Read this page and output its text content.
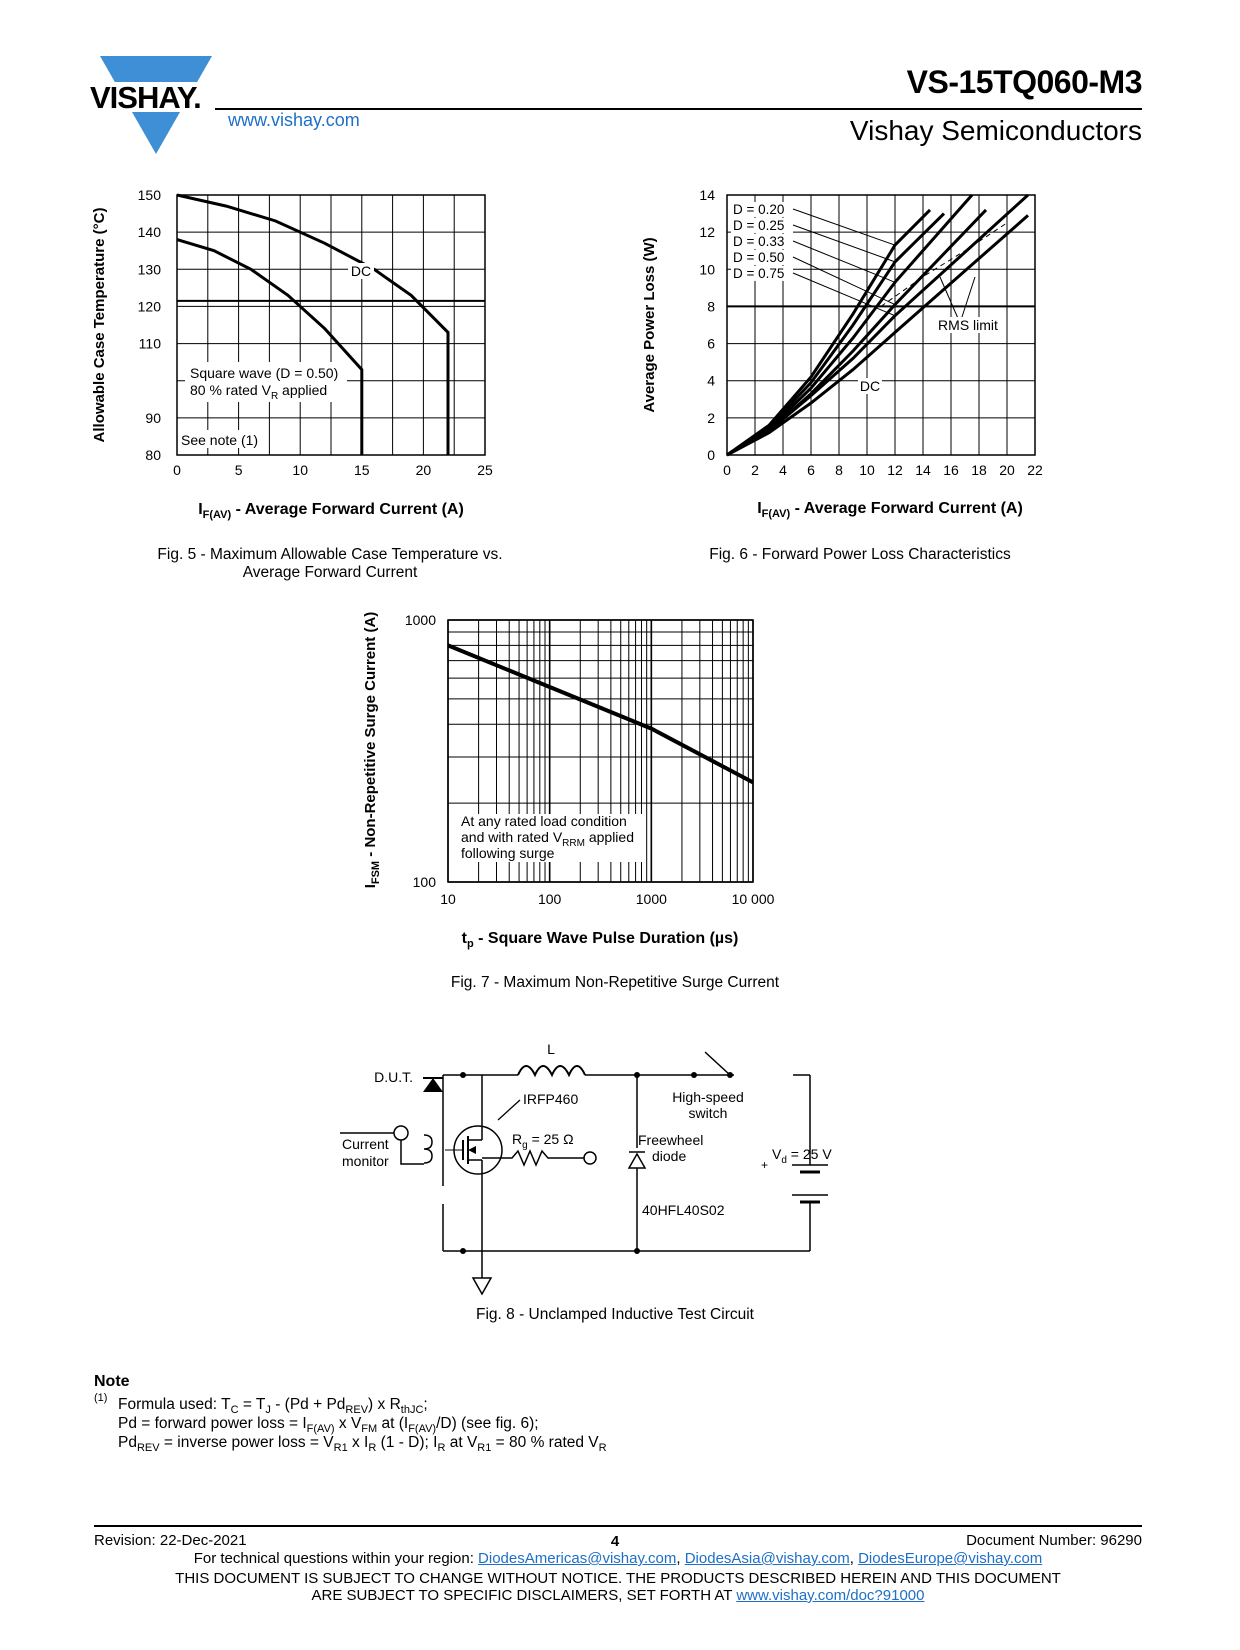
VISHAY.	VS-15TQ060-M3
www.vishay.com	Vishay Semiconductors
0	5	10	15	20	25
80
90
110
120
130
140
150
Allowable Case Temperature (°C)
$I_{F(AV)}$ - Average Forward Current (A)
DC
Square wave (D = 0.50)
80 % rated $V_R$ applied
See note (1)
Fig. 5 - Maximum Allowable Case Temperature vs.
Average Forward Current
0 2 4 6 8 10 12 14 16 18 20 22
0
2
4
6
8
10
12
14
Average Power Loss (W)
$I_{F(AV)}$ - Average Forward Current (A)
D = 0.20
D = 0.25
D = 0.33
D = 0.50
D = 0.75
DC
RMS limit
Fig. 6 - Forward Power Loss Characteristics
10	100	1000	10 000
100
1000
$I_{FSM}$ - Non-Repetitive Surge Current (A)
$t_p$ - Square Wave Pulse Duration (µs)
At any rated load condition
and with rated $V_{RRM}$ applied
following surge
Fig. 7 - Maximum Non-Repetitive Surge Current
L
High-speed
switch
D.U.T.
IRFP460
$R_g = 25$ Ω	Freewheel
diode
40HFL40S02
+
$V_d = 25$ V
Current
monitor
Fig. 8 - Unclamped Inductive Test Circuit
Note
(1) Formula used: $T_C = T_J - (Pd + Pd_{REV})$ x $R_{thJC}$;
Pd = forward power loss = $I_{F(AV)}$ x $V_{FM}$ at $(I_{F(AV)}/D)$ (see fig. 6);
$Pd_{REV}$ = inverse power loss = $V_{R1}$ x $I_R$ (1 - D); $I_R$ at $V_{R1} = 80$ % rated $V_R$
Revision: 22-Dec-2021	4	Document Number: 96290
For technical questions within your region: DiodesAmericas@vishay.com, DiodesAsia@vishay.com, DiodesEurope@vishay.com
THIS DOCUMENT IS SUBJECT TO CHANGE WITHOUT NOTICE. THE PRODUCTS DESCRIBED HEREIN AND THIS DOCUMENT
ARE SUBJECT TO SPECIFIC DISCLAIMERS, SET FORTH AT www.vishay.com/doc?91000
